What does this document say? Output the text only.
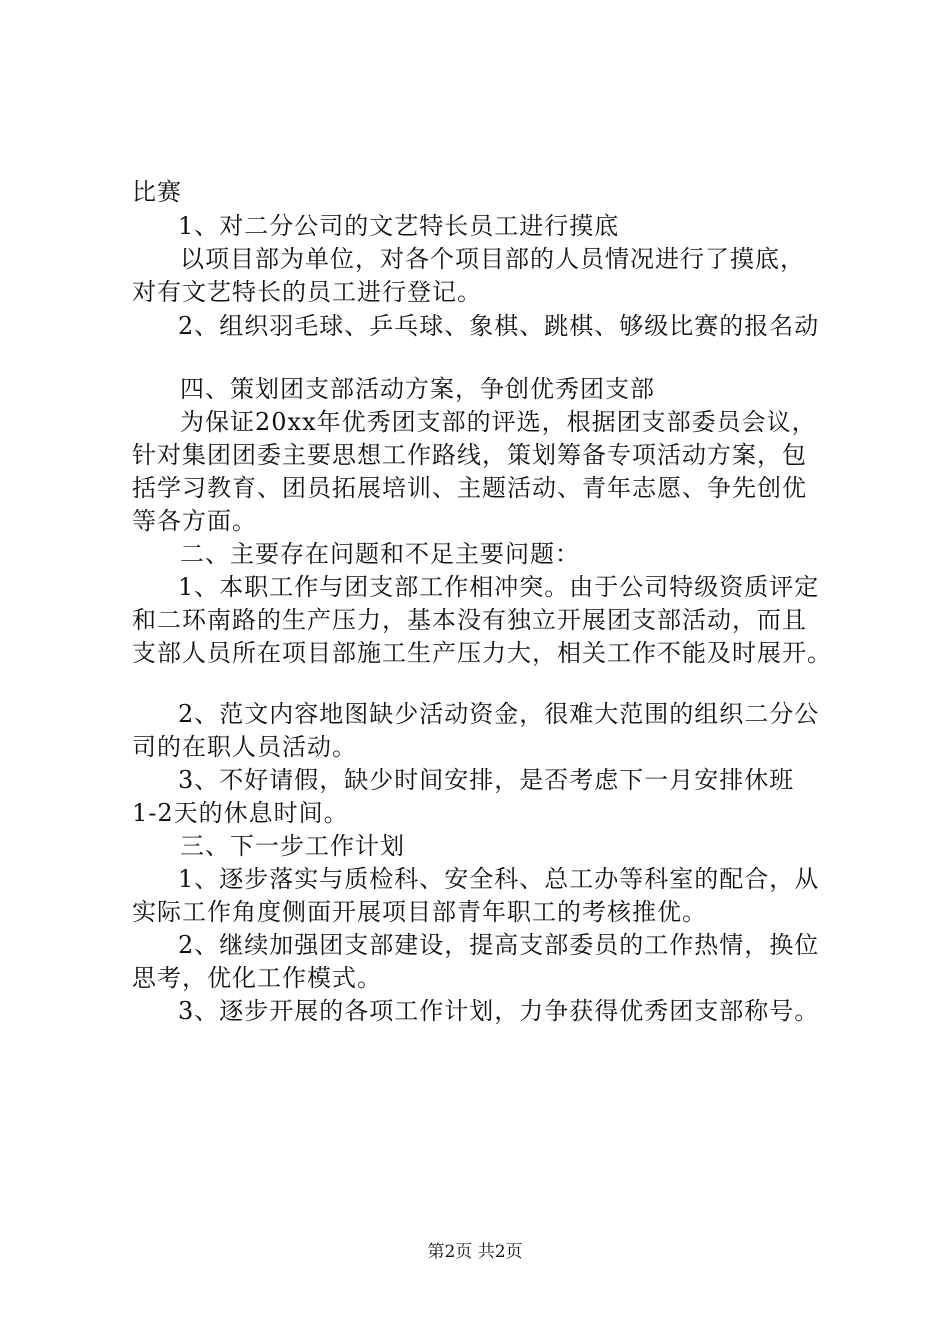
比赛
1、对二分公司的文艺特长员工进行摸底
以项目部为单位，对各个项目部的人员情况进行了摸底，
对有文艺特长的员工进行登记。
2、组织羽毛球、乒乓球、象棋、跳棋、够级比赛的报名动
四、策划团支部活动方案，争创优秀团支部
为保证20xx年优秀团支部的评选，根据团支部委员会议，
针对集团团委主要思想工作路线，策划筹备专项活动方案，包
括学习教育、团员拓展培训、主题活动、青年志愿、争先创优
等各方面。
二、主要存在问题和不足主要问题：
1、本职工作与团支部工作相冲突。由于公司特级资质评定
和二环南路的生产压力，基本没有独立开展团支部活动，而且
支部人员所在项目部施工生产压力大，相关工作不能及时展开。
2、范文内容地图缺少活动资金，很难大范围的组织二分公
司的在职人员活动。
3、不好请假，缺少时间安排，是否考虑下一月安排休班
1-2天的休息时间。
三、下一步工作计划
1、逐步落实与质检科、安全科、总工办等科室的配合，从
实际工作角度侧面开展项目部青年职工的考核推优。
2、继续加强团支部建设，提高支部委员的工作热情，换位
思考，优化工作模式。
3、逐步开展的各项工作计划，力争获得优秀团支部称号。
第2页 共2页
